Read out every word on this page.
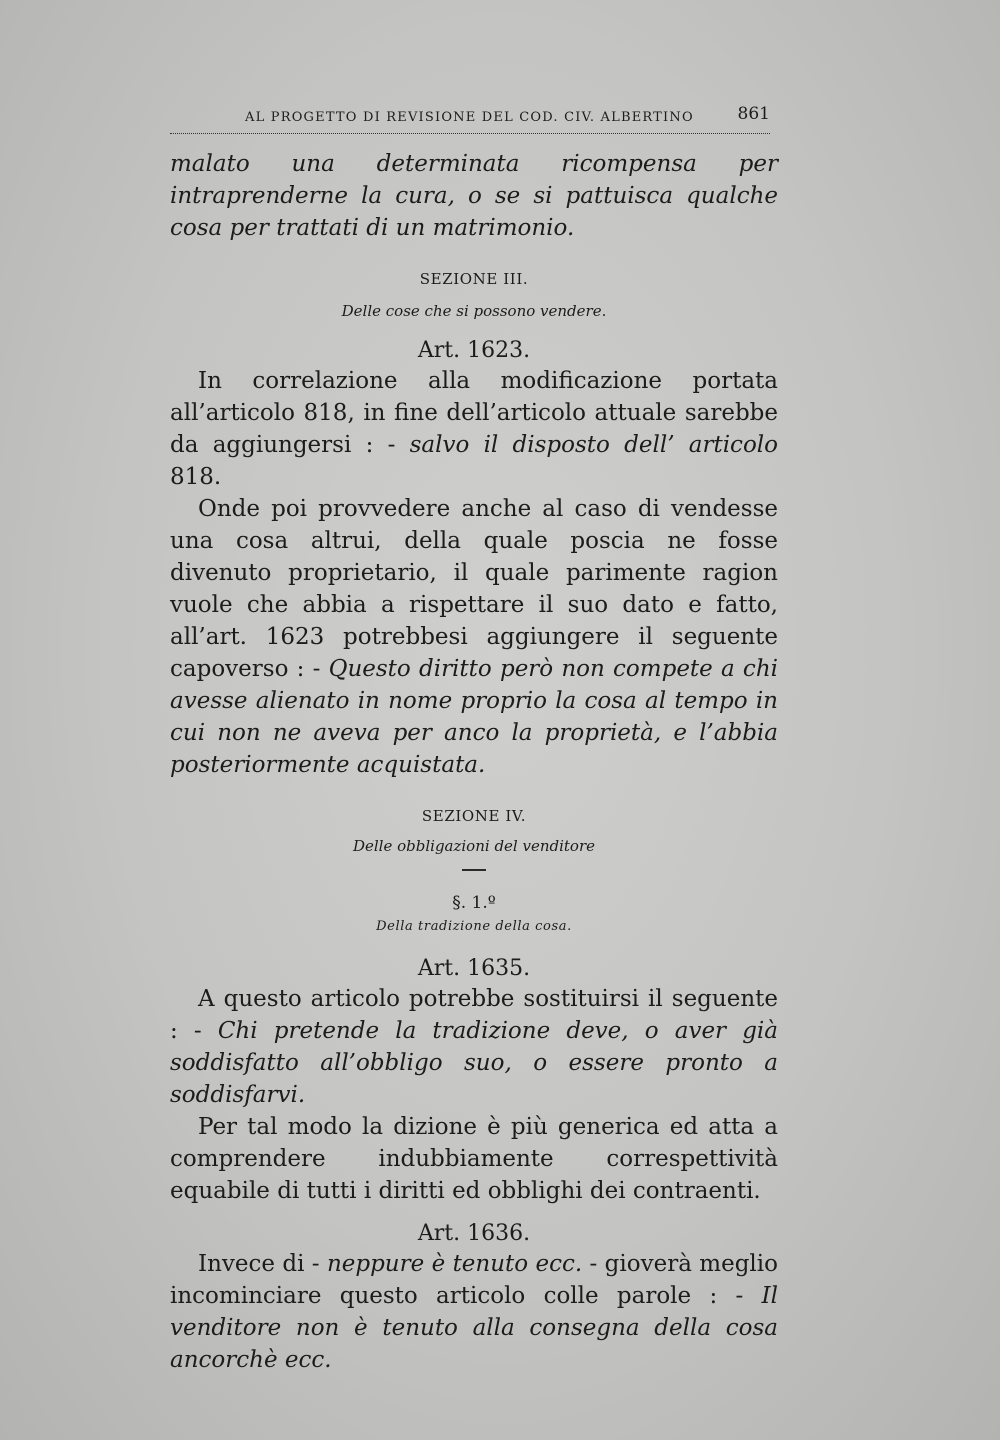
AL PROGETTO DI REVISIONE DEL COD. CIV. ALBERTINO	861

malato una determinata ricompensa per intraprenderne la cura, o se si pattuisca qualche cosa per trattati di un matrimonio.

SEZIONE III.

Delle cose che si possono vendere.

Art. 1623.

In correlazione alla modificazione portata all’articolo 818, in fine dell’articolo attuale sarebbe da aggiungersi : - salvo il disposto dell’ articolo 818.

Onde poi provvedere anche al caso di vendesse una cosa altrui, della quale poscia ne fosse divenuto proprietario, il quale parimente ragion vuole che abbia a rispettare il suo dato e fatto, all’art. 1623 potrebbesi aggiungere il seguente capoverso : - Questo diritto però non compete a chi avesse alienato in nome proprio la cosa al tempo in cui non ne aveva per anco la proprietà, e l’abbia posteriormente acquistata.

SEZIONE IV.

Delle obbligazioni del venditore

§. 1.º

Della tradizione della cosa.

Art. 1635.

A questo articolo potrebbe sostituirsi il seguente : - Chi pretende la tradizione deve, o aver già soddisfatto all’obbligo suo, o essere pronto a soddisfarvi.

Per tal modo la dizione è più generica ed atta a comprendere indubbiamente correspettività equabile di tutti i diritti ed obblighi dei contraenti.

Art. 1636.

Invece di - neppure è tenuto ecc. - gioverà meglio incominciare questo articolo colle parole : - Il venditore non è tenuto alla consegna della cosa ancorchè ecc.
